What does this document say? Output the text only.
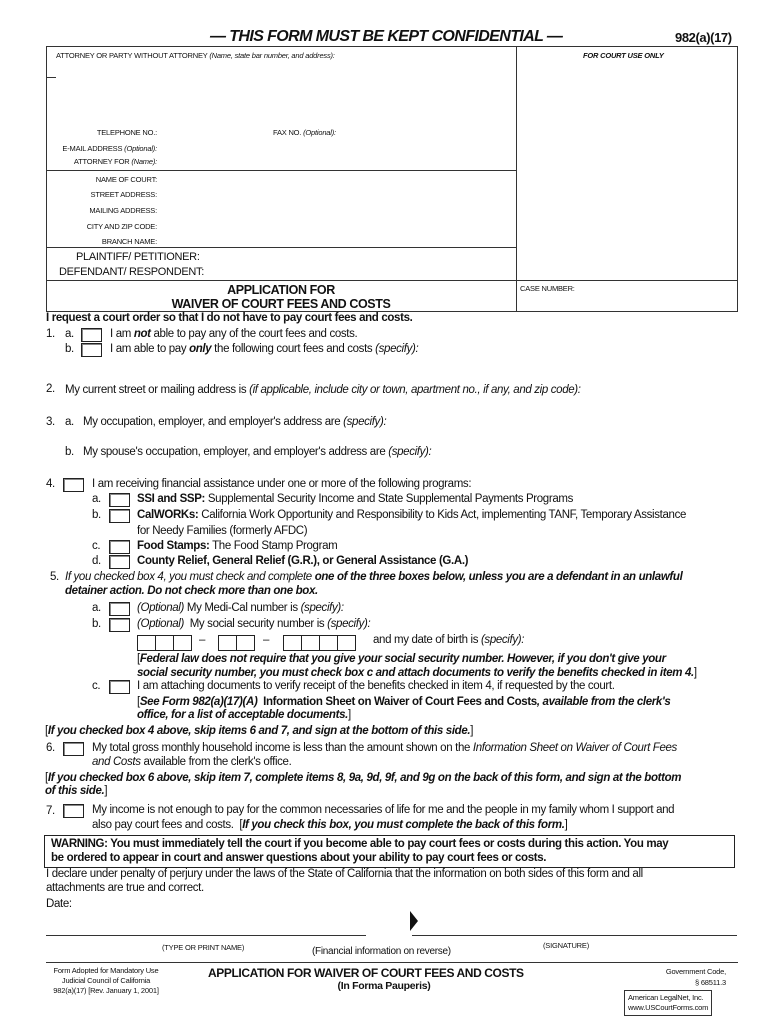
— THIS FORM MUST BE KEPT CONFIDENTIAL —	982(a)(17)
ATTORNEY OR PARTY WITHOUT ATTORNEY (Name, state bar number, and address):	FOR COURT USE ONLY
TELEPHONE NO.:	FAX NO. (Optional):
E-MAIL ADDRESS (Optional):
ATTORNEY FOR (Name):
NAME OF COURT:
STREET ADDRESS:
MAILING ADDRESS:
CITY AND ZIP CODE:
BRANCH NAME:
PLAINTIFF/ PETITIONER:
DEFENDANT/ RESPONDENT:
APPLICATION FOR
WAIVER OF COURT FEES AND COSTS
CASE NUMBER:
I request a court order so that I do not have to pay court fees and costs.
1. a.	I am not able to pay any of the court fees and costs.
b.	I am able to pay only the following court fees and costs (specify):
2. My current street or mailing address is (if applicable, include city or town, apartment no., if any, and zip code):
3. a. My occupation, employer, and employer's address are (specify):
b. My spouse's occupation, employer, and employer's address are (specify):
4.	I am receiving financial assistance under one or more of the following programs:
a.	SSI and SSP: Supplemental Security Income and State Supplemental Payments Programs
b.	CalWORKs: California Work Opportunity and Responsibility to Kids Act, implementing TANF, Temporary Assistance
for Needy Families (formerly AFDC)
c.	Food Stamps: The Food Stamp Program
d.	County Relief, General Relief (G.R.), or General Assistance (G.A.)
5. If you checked box 4, you must check and complete one of the three boxes below, unless you are a defendant in an unlawful
detainer action. Do not check more than one box.
a.	(Optional) My Medi-Cal number is (specify):
b.	(Optional)  My social security number is (specify):
–	–	and my date of birth is (specify):
[Federal law does not require that you give your social security number. However, if you don't give your
social security number, you must check box c and attach documents to verify the benefits checked in item 4.]
c.	I am attaching documents to verify receipt of the benefits checked in item 4, if requested by the court.
[See Form 982(a)(17)(A)  Information Sheet on Waiver of Court Fees and Costs, available from the clerk's
office, for a list of acceptable documents.]
[If you checked box 4 above, skip items 6 and 7, and sign at the bottom of this side.]
6.	My total gross monthly household income is less than the amount shown on the Information Sheet on Waiver of Court Fees
and Costs available from the clerk's office.
[If you checked box 6 above, skip item 7, complete items 8, 9a, 9d, 9f, and 9g on the back of this form, and sign at the bottom
of this side.]
7.	My income is not enough to pay for the common necessaries of life for me and the people in my family whom I support and
also pay court fees and costs.  [If you check this box, you must complete the back of this form.]
WARNING: You must immediately tell the court if you become able to pay court fees or costs during this action. You may
be ordered to appear in court and answer questions about your ability to pay court fees or costs.
I declare under penalty of perjury under the laws of the State of California that the information on both sides of this form and all
attachments are true and correct.
Date:
(TYPE OR PRINT NAME)	(Financial information on reverse)
(SIGNATURE)
Form Adopted for Mandatory Use
Judicial Council of California
982(a)(17) [Rev. January 1, 2001]
APPLICATION FOR WAIVER OF COURT FEES AND COSTS
(In Forma Pauperis)
Government Code,
§ 68511.3
American LegalNet, Inc.
www.USCourtForms.com
